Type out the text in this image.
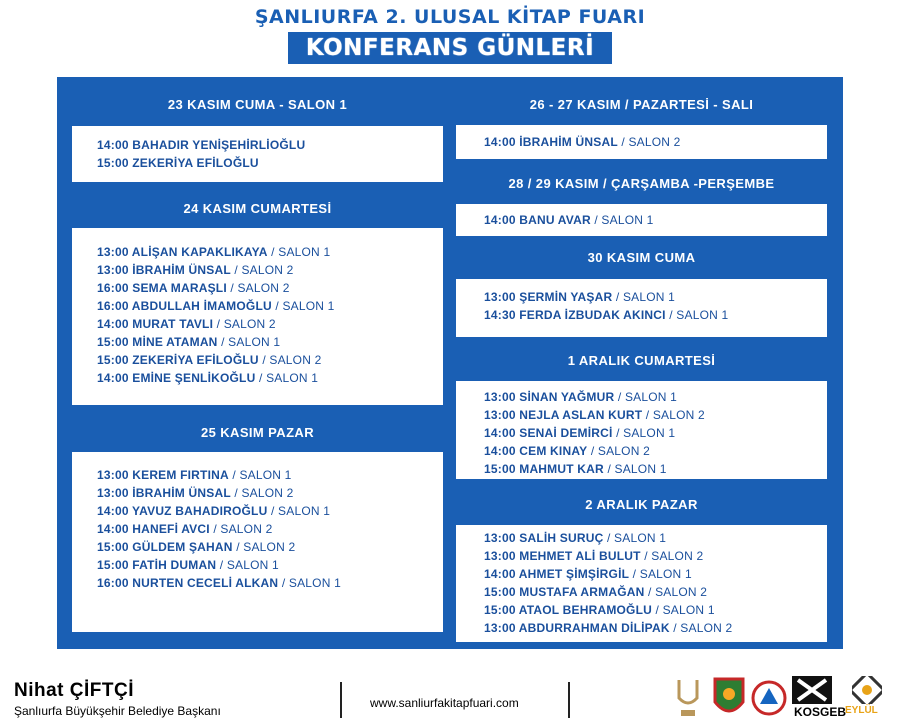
ŞANLIURFA 2. ULUSAL KİTAP FUARI
KONFERANS GÜNLERİ
23 KASIM CUMA - SALON 1
14:00 BAHADIR YENİŞEHİRLİOĞLU
15:00 ZEKERİYA EFİLOĞLU
24 KASIM CUMARTESİ
13:00 ALİŞAN KAPAKLIKAYA / SALON 1
13:00 İBRAHİM ÜNSAL / SALON 2
16:00 SEMA MARAŞLI / SALON 2
16:00 ABDULLAH İMAMOĞLU / SALON 1
14:00 MURAT TAVLI / SALON 2
15:00 MİNE ATAMAN / SALON 1
15:00 ZEKERİYA EFİLOĞLU / SALON 2
14:00 EMİNE ŞENLİKOĞLU / SALON 1
25 KASIM PAZAR
13:00 KEREM FIRTINA / SALON 1
13:00 İBRAHİM ÜNSAL / SALON 2
14:00 YAVUZ BAHADIROĞLU / SALON 1
14:00 HANEFİ AVCI / SALON 2
15:00 GÜLDEM ŞAHAN / SALON 2
15:00 FATİH DUMAN / SALON 1
16:00 NURTEN CECELİ ALKAN / SALON 1
26 - 27 KASIM / PAZARTESİ - SALI
14:00 İBRAHİM ÜNSAL / SALON 2
28 / 29 KASIM / ÇARŞAMBA -PERŞEMBE
14:00 BANU AVAR / SALON 1
30 KASIM CUMA
13:00 ŞERMİN YAŞAR / SALON 1
14:30 FERDA İZBUDAK AKINCI / SALON 1
1 ARALIK CUMARTESİ
13:00 SİNAN YAĞMUR / SALON 1
13:00 NEJLA ASLAN KURT / SALON 2
14:00 SENAİ DEMİRCİ / SALON 1
14:00 CEM KINAY / SALON 2
15:00 MAHMUT KAR / SALON 1
2 ARALIK PAZAR
13:00 SALİH SURUÇ / SALON 1
13:00 MEHMET ALİ BULUT / SALON 2
14:00 AHMET ŞİMŞİRGİL / SALON 1
15:00 MUSTAFA ARMAĞAN / SALON 2
15:00 ATAOL BEHRAMOĞLU / SALON 1
13:00 ABDURRAHMAN DİLİPAK / SALON 2
Nihat ÇİFTÇİ
Şanlıurfa Büyükşehir Belediye Başkanı
www.sanliurfakitapfuari.com
KOSGEB
EYLÜL
